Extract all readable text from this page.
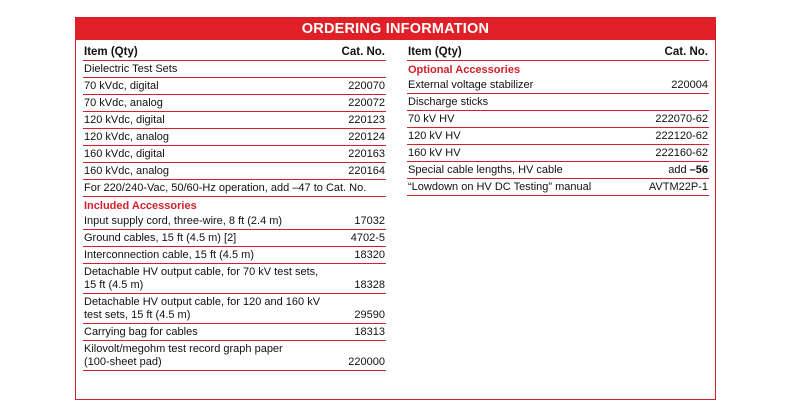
ORDERING INFORMATION
Item (Qty)	Cat. No.
Dielectric Test Sets
70 kVdc, digital	220070
70 kVdc, analog	220072
120 kVdc, digital	220123
120 kVdc, analog	220124
160 kVdc, digital	220163
160 kVdc, analog	220164
For 220/240-Vac, 50/60-Hz operation, add –47 to Cat. No.
Included Accessories
Input supply cord, three-wire, 8 ft (2.4 m)	17032
Ground cables, 15 ft (4.5 m) [2]	4702-5
Interconnection cable, 15 ft (4.5 m)	18320
Detachable HV output cable, for 70 kV test sets,
15 ft (4.5 m)	18328
Detachable HV output cable, for 120 and 160 kV
test sets, 15 ft (4.5 m)	29590
Carrying bag for cables	18313
Kilovolt/megohm test record graph paper
(100-sheet pad)	220000
Item (Qty)	Cat. No.
Optional Accessories
External voltage stabilizer	220004
Discharge sticks
70 kV HV	222070-62
120 kV HV	222120-62
160 kV HV	222160-62
Special cable lengths, HV cable	add –56
“Lowdown on HV DC Testing” manual	AVTM22P-1
